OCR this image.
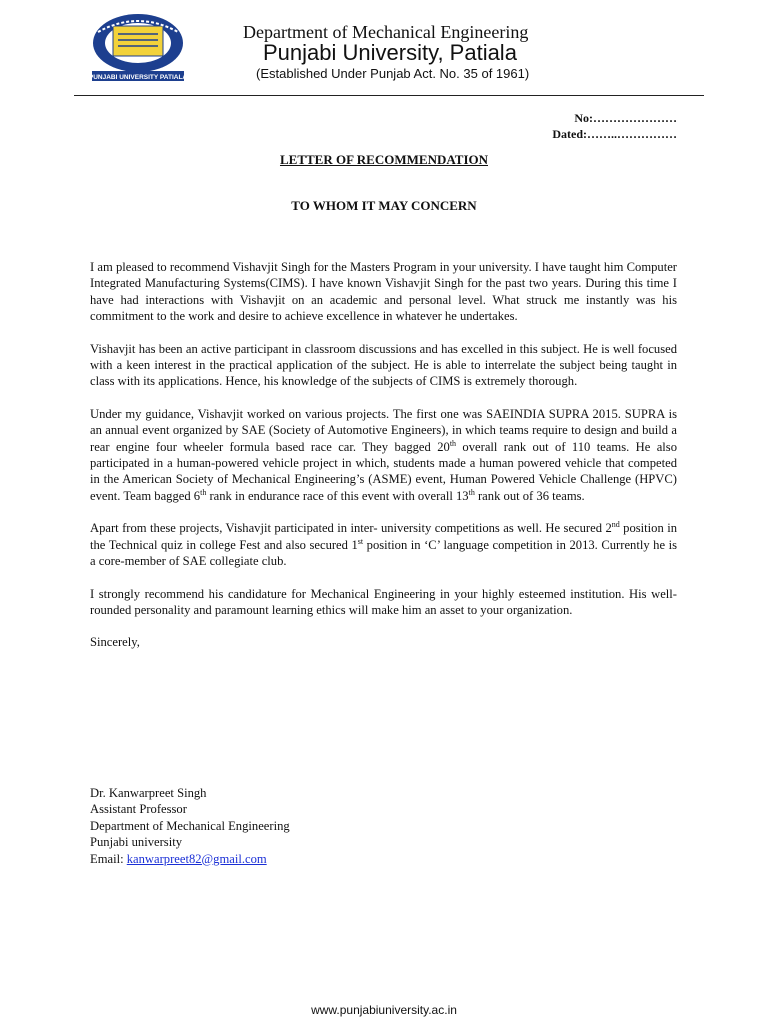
PUNJABI UNIVERSITY PATIALA
Department of Mechanical Engineering
Punjabi University, Patiala
(Established Under Punjab Act. No. 35 of 1961)
No:…………………
Dated:……..……………
LETTER OF RECOMMENDATION
TO WHOM IT MAY CONCERN

I am pleased to recommend Vishavjit Singh for the Masters Program in your university. I have taught him Computer Integrated Manufacturing Systems(CIMS). I have known Vishavjit Singh for the past two years. During this time I have had interactions with Vishavjit on an academic and personal level. What struck me instantly was his commitment to the work and desire to achieve excellence in whatever he undertakes.

Vishavjit has been an active participant in classroom discussions and has excelled in this subject. He is well focused with a keen interest in the practical application of the subject. He is able to interrelate the subject being taught in class with its applications. Hence, his knowledge of the subjects of CIMS is extremely thorough.

Under my guidance, Vishavjit worked on various projects. The first one was SAEINDIA SUPRA 2015. SUPRA is an annual event organized by SAE (Society of Automotive Engineers), in which teams require to design and build a rear engine four wheeler formula based race car. They bagged 20th overall rank out of 110 teams. He also participated in a human-powered vehicle project in which, students made a human powered vehicle that competed in the American Society of Mechanical Engineering’s (ASME) event, Human Powered Vehicle Challenge (HPVC) event. Team bagged 6th rank in endurance race of this event with overall 13th rank out of 36 teams.

Apart from these projects, Vishavjit participated in inter- university competitions as well. He secured 2nd position in the Technical quiz in college Fest and also secured 1st position in ‘C’ language competition in 2013. Currently he is a core-member of SAE collegiate club.

I strongly recommend his candidature for Mechanical Engineering in your highly esteemed institution. His well-rounded personality and paramount learning ethics will make him an asset to your organization.

Sincerely,

Dr. Kanwarpreet Singh
Assistant Professor
Department of Mechanical Engineering
Punjabi university
Email: kanwarpreet82@gmail.com
www.punjabiuniversity.ac.in
